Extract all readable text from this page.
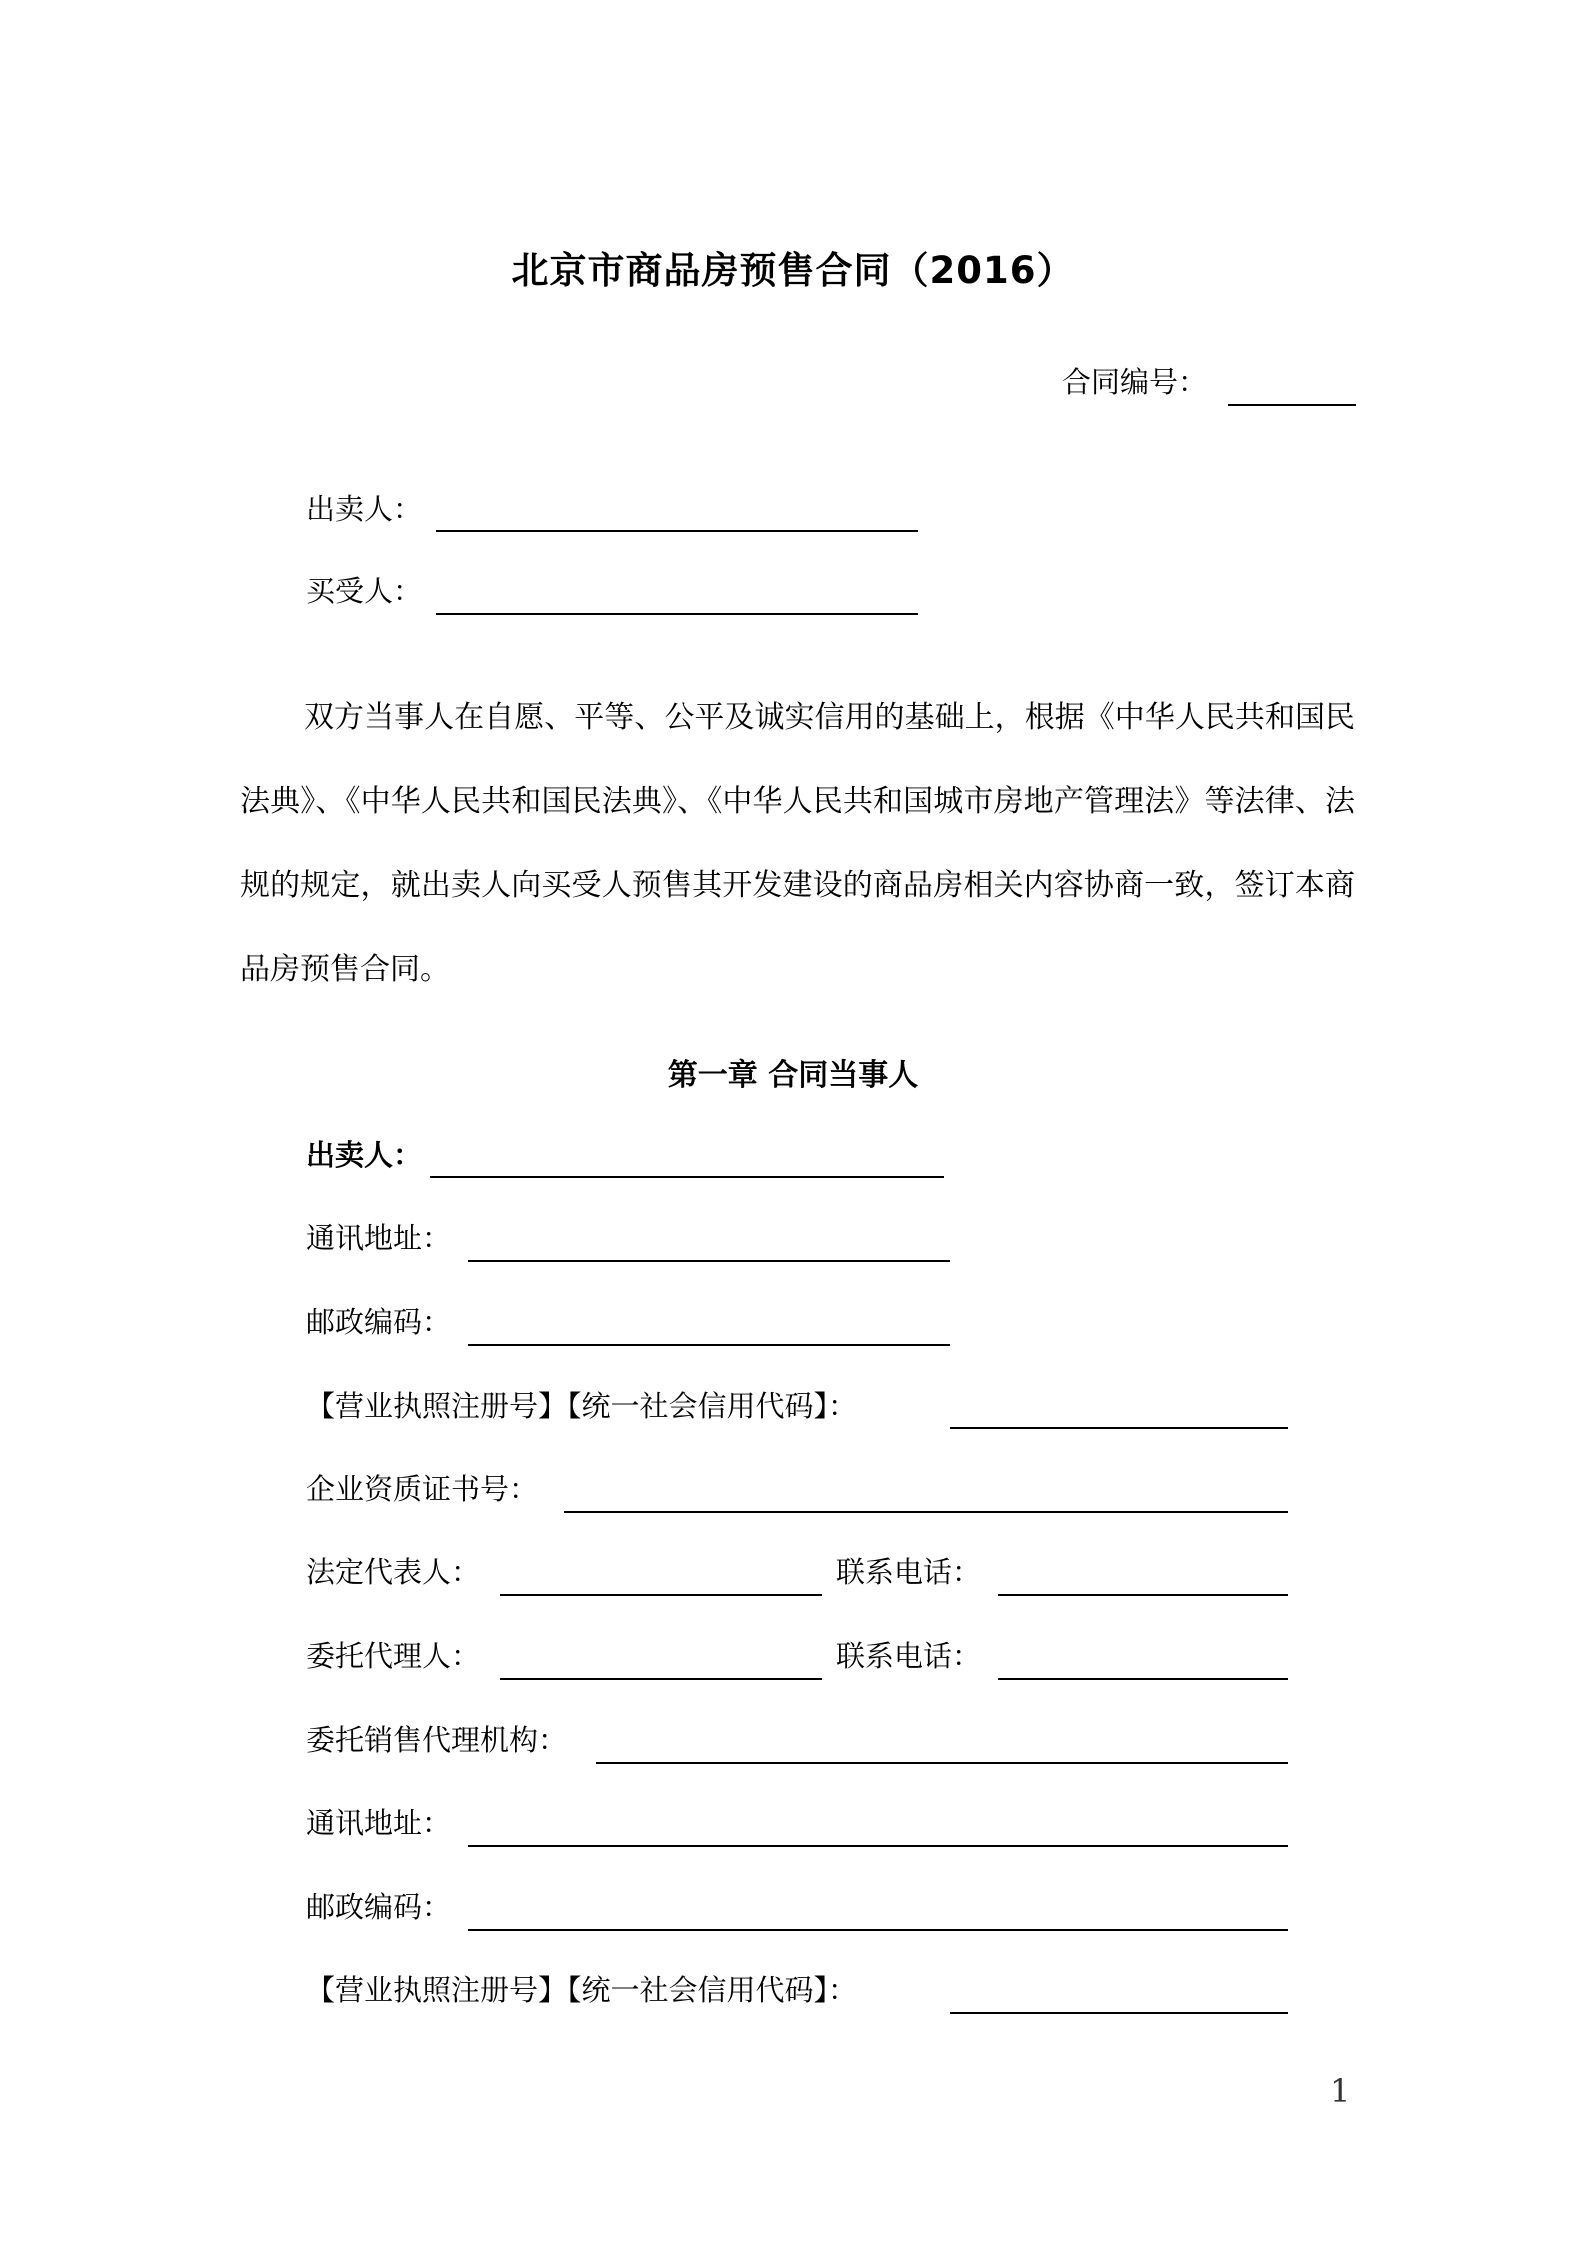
北京市商品房预售合同（2016）
合同编号：
出卖人：
买受人：
双方当事人在自愿、平等、公平及诚实信用的基础上，根据《中华人民共和国民法典》、《中华人民共和国民法典》、《中华人民共和国城市房地产管理法》等法律、法规的规定，就出卖人向买受人预售其开发建设的商品房相关内容协商一致，签订本商品房预售合同。
第一章 合同当事人
出卖人：
通讯地址：
邮政编码：
【营业执照注册号】【统一社会信用代码】：
企业资质证书号：
法定代表人：	联系电话：
委托代理人：	联系电话：
委托销售代理机构：
通讯地址：
邮政编码：
【营业执照注册号】【统一社会信用代码】：
1
